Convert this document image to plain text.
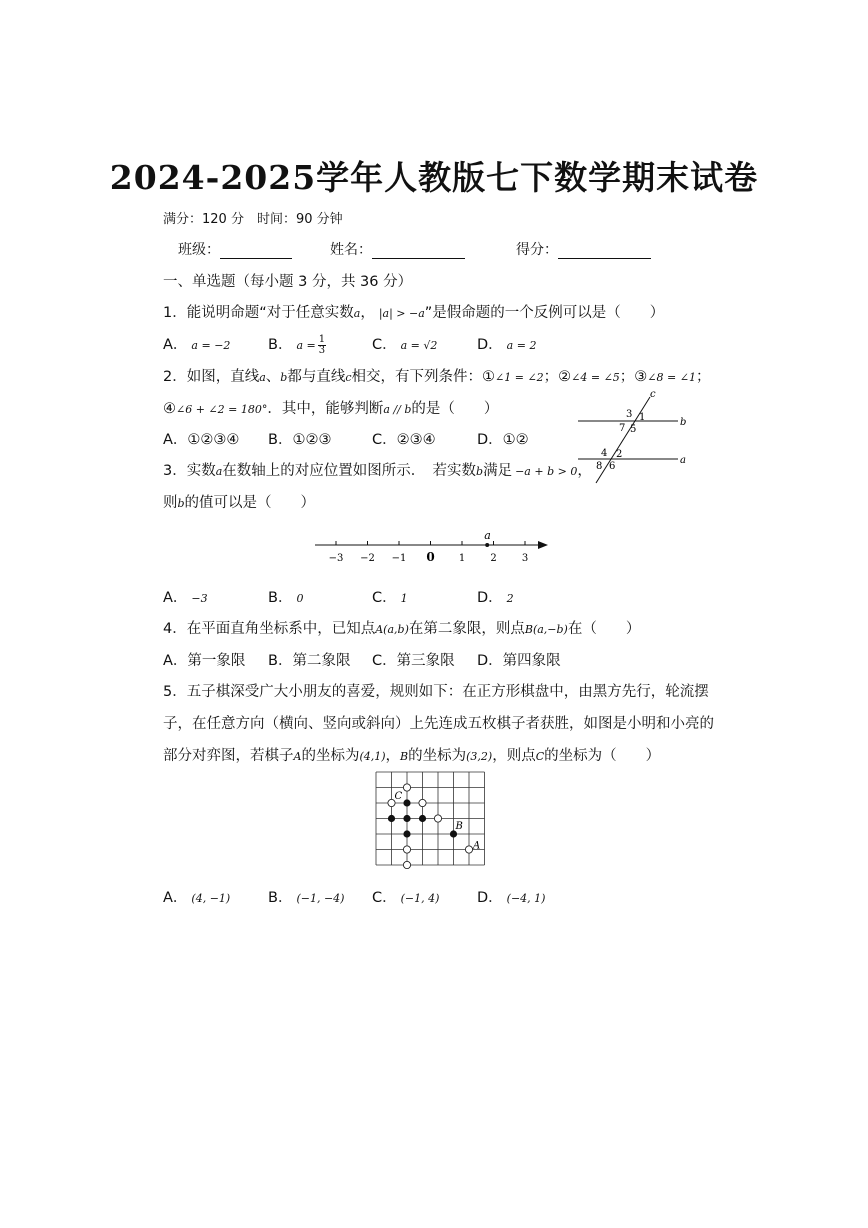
2024-2025学年人教版七下数学期末试卷
满分：120 分　时间：90 分钟
班级：	姓名：	得分：
一、单选题（每小题 3 分，共 36 分）
1．能说明命题“对于任意实数a， |a| > −a”是假命题的一个反例可以是（　　）
A． a = −2	B． $a = \frac{1}{3}$	C． a = √2	D． a = 2
2．如图，直线a、b都与直线c相交，有下列条件：①∠1 = ∠2；②∠4 = ∠5；③∠8 = ∠1；
④∠6 + ∠2 = 180°．其中，能够判断a // b的是（　　）
A．①②③④ B．①②③	C．②③④	D．①②
c
b
a
3 1
7 5
4 2
8 6
3．实数a在数轴上的对应位置如图所示．　若实数b满足 −a + b > 0，
则b的值可以是（　　）
−3 −2 −1 0 1	2	3
a
A． −3	B． 0	C． 1	D． 2
4．在平面直角坐标系中，已知点A(a,b)在第二象限，则点B(a,−b)在（　　）
A．第一象限 B．第二象限 C．第三象限 D．第四象限
5．五子棋深受广大小朋友的喜爱，规则如下：在正方形棋盘中，由黑方先行，轮流摆
子，在任意方向（横向、竖向或斜向）上先连成五枚棋子者获胜，如图是小明和小亮的
部分对弈图，若棋子A的坐标为(4,1)，B的坐标为(3,2)，则点C的坐标为（　　）
C
B
A
A． (4, −1)	B． (−1, −4) C． (−1, 4)	D． (−4, 1)
